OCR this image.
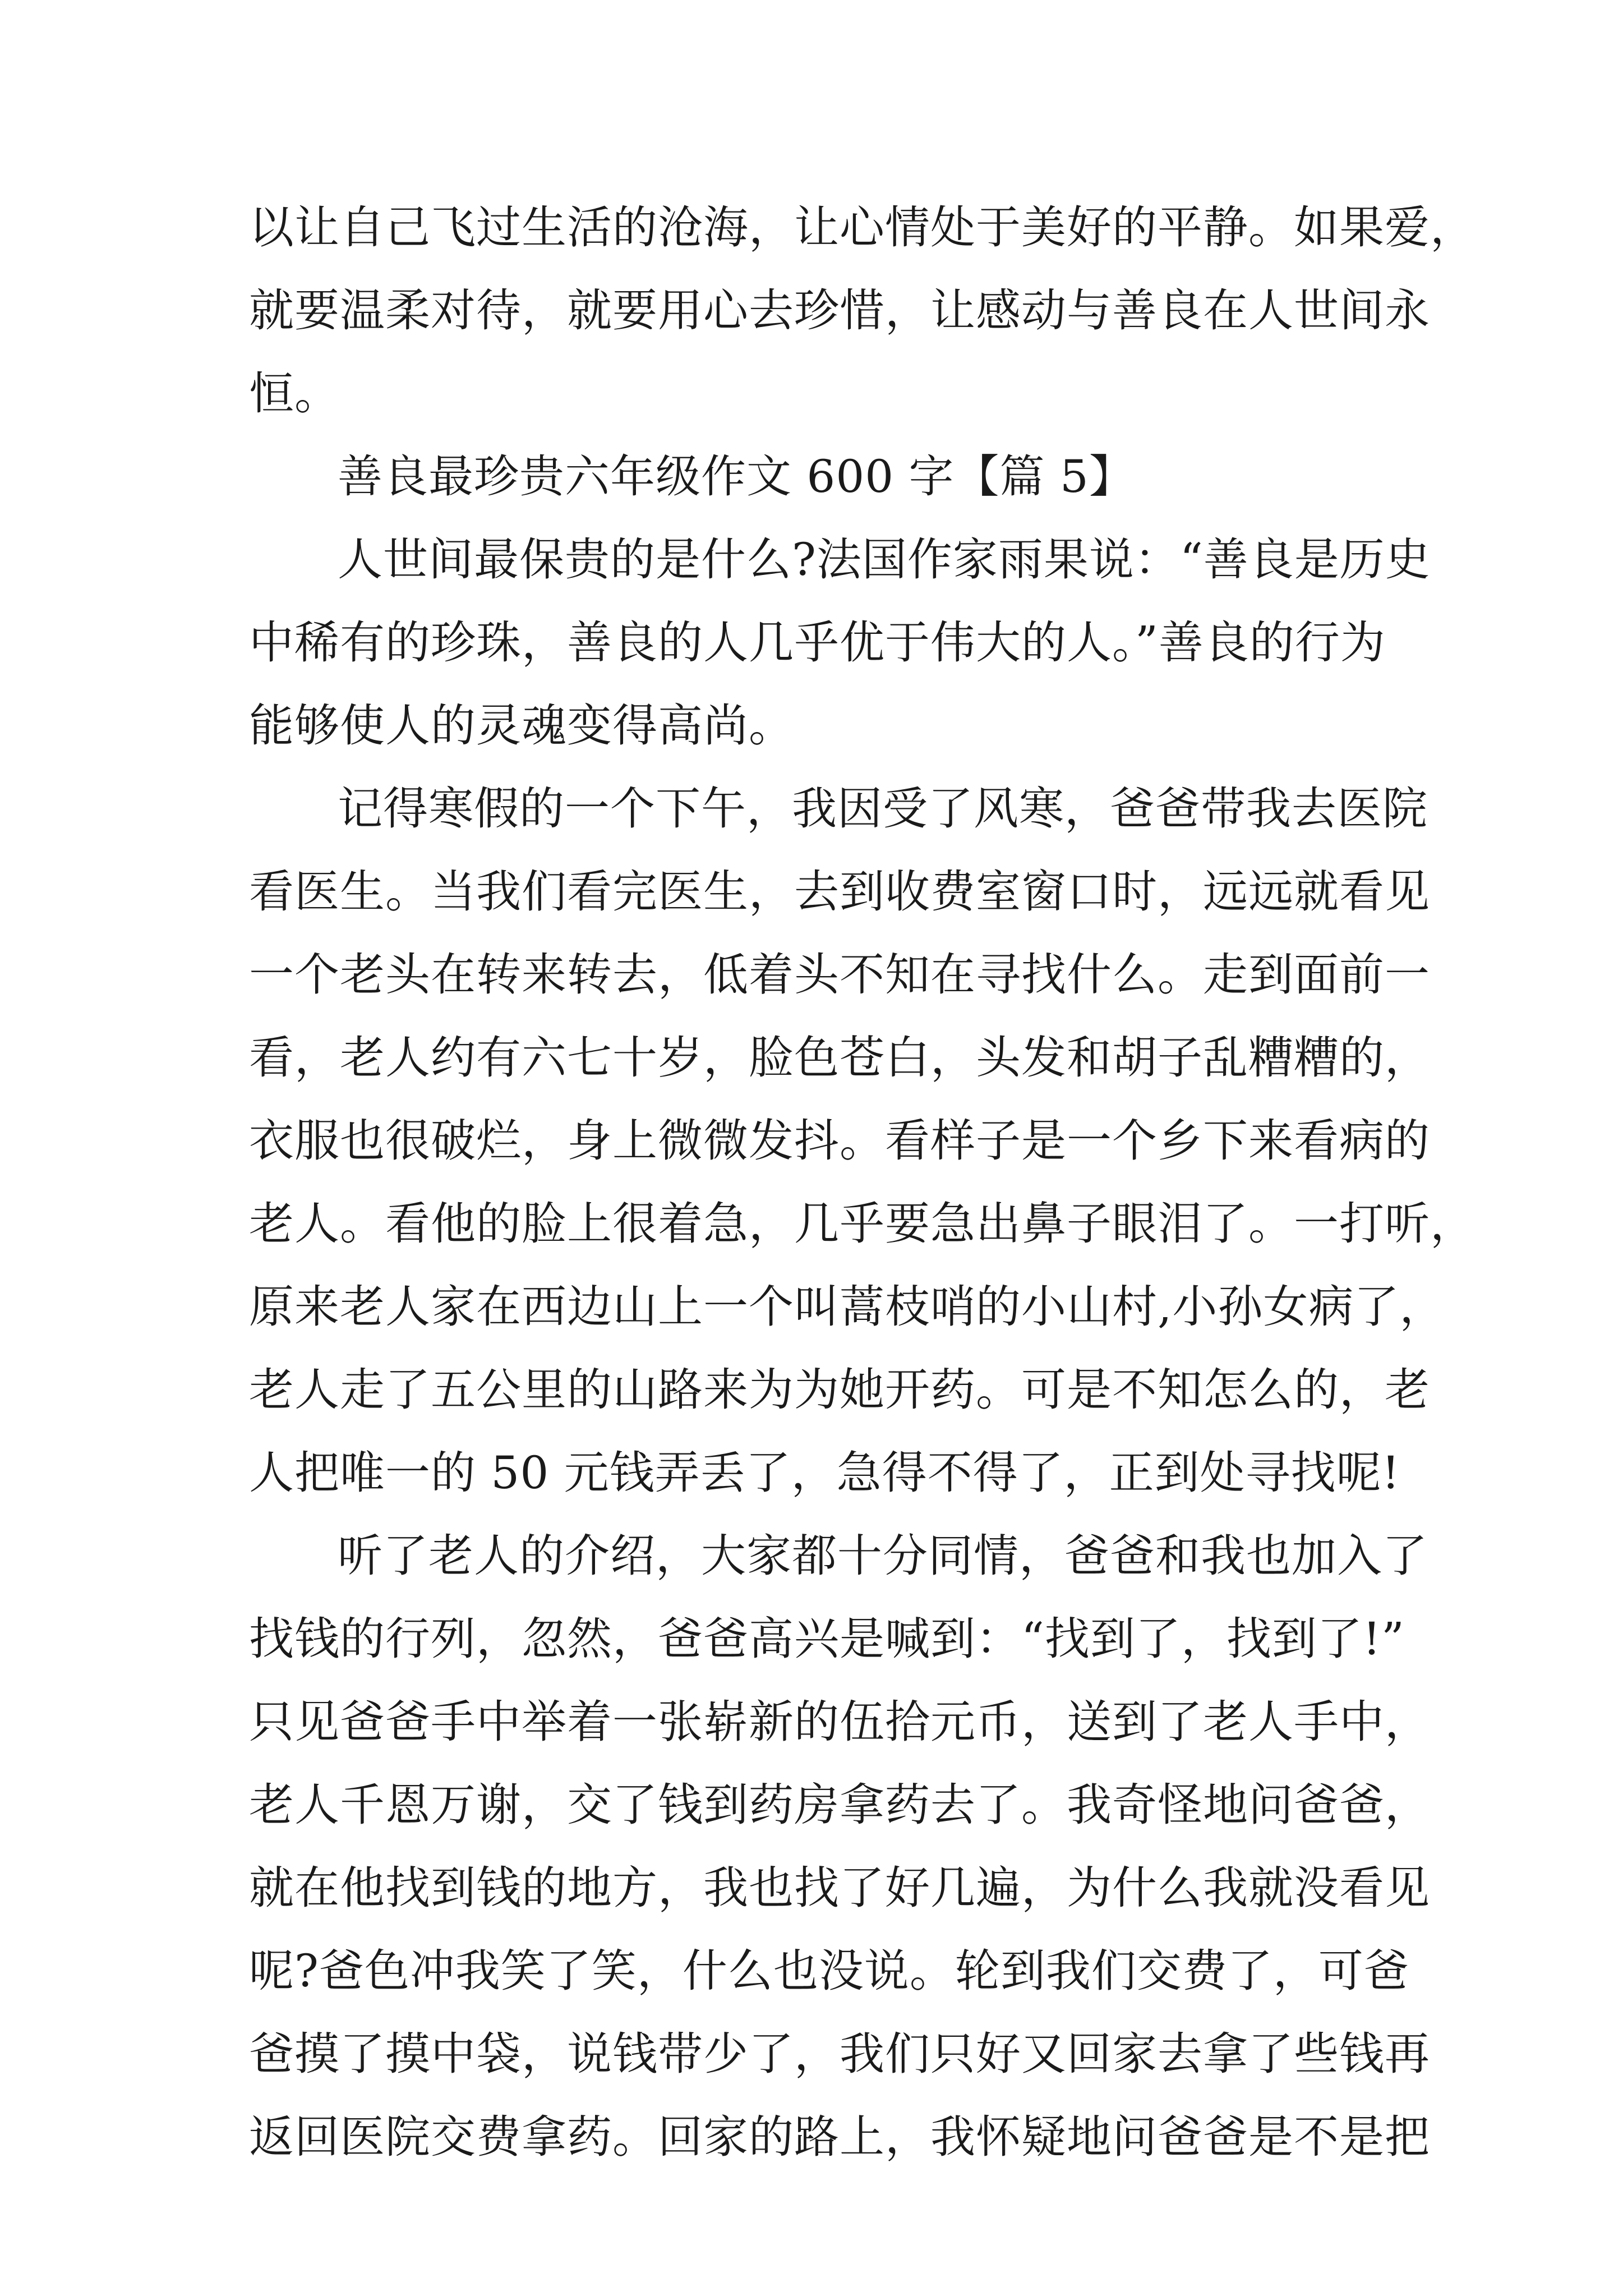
以让自己飞过生活的沧海，让心情处于美好的平静。如果爱，
就要温柔对待，就要用心去珍惜，让感动与善良在人世间永
恒。
善良最珍贵六年级作文 600 字【篇 5】
人世间最保贵的是什么?法国作家雨果说：“善良是历史
中稀有的珍珠，善良的人几乎优于伟大的人。”善良的行为
能够使人的灵魂变得高尚。
记得寒假的一个下午，我因受了风寒，爸爸带我去医院
看医生。当我们看完医生，去到收费室窗口时，远远就看见
一个老头在转来转去，低着头不知在寻找什么。走到面前一
看，老人约有六七十岁，脸色苍白，头发和胡子乱糟糟的，
衣服也很破烂，身上微微发抖。看样子是一个乡下来看病的
老人。看他的脸上很着急，几乎要急出鼻子眼泪了。一打听，
原来老人家在西边山上一个叫蒿枝哨的小山村,小孙女病了，
老人走了五公里的山路来为为她开药。可是不知怎么的，老
人把唯一的 50 元钱弄丢了，急得不得了，正到处寻找呢!
听了老人的介绍，大家都十分同情，爸爸和我也加入了
找钱的行列，忽然，爸爸高兴是喊到：“找到了，找到了!”
只见爸爸手中举着一张崭新的伍拾元币，送到了老人手中，
老人千恩万谢，交了钱到药房拿药去了。我奇怪地问爸爸，
就在他找到钱的地方，我也找了好几遍，为什么我就没看见
呢?爸色冲我笑了笑，什么也没说。轮到我们交费了，可爸
爸摸了摸中袋，说钱带少了，我们只好又回家去拿了些钱再
返回医院交费拿药。回家的路上，我怀疑地问爸爸是不是把
